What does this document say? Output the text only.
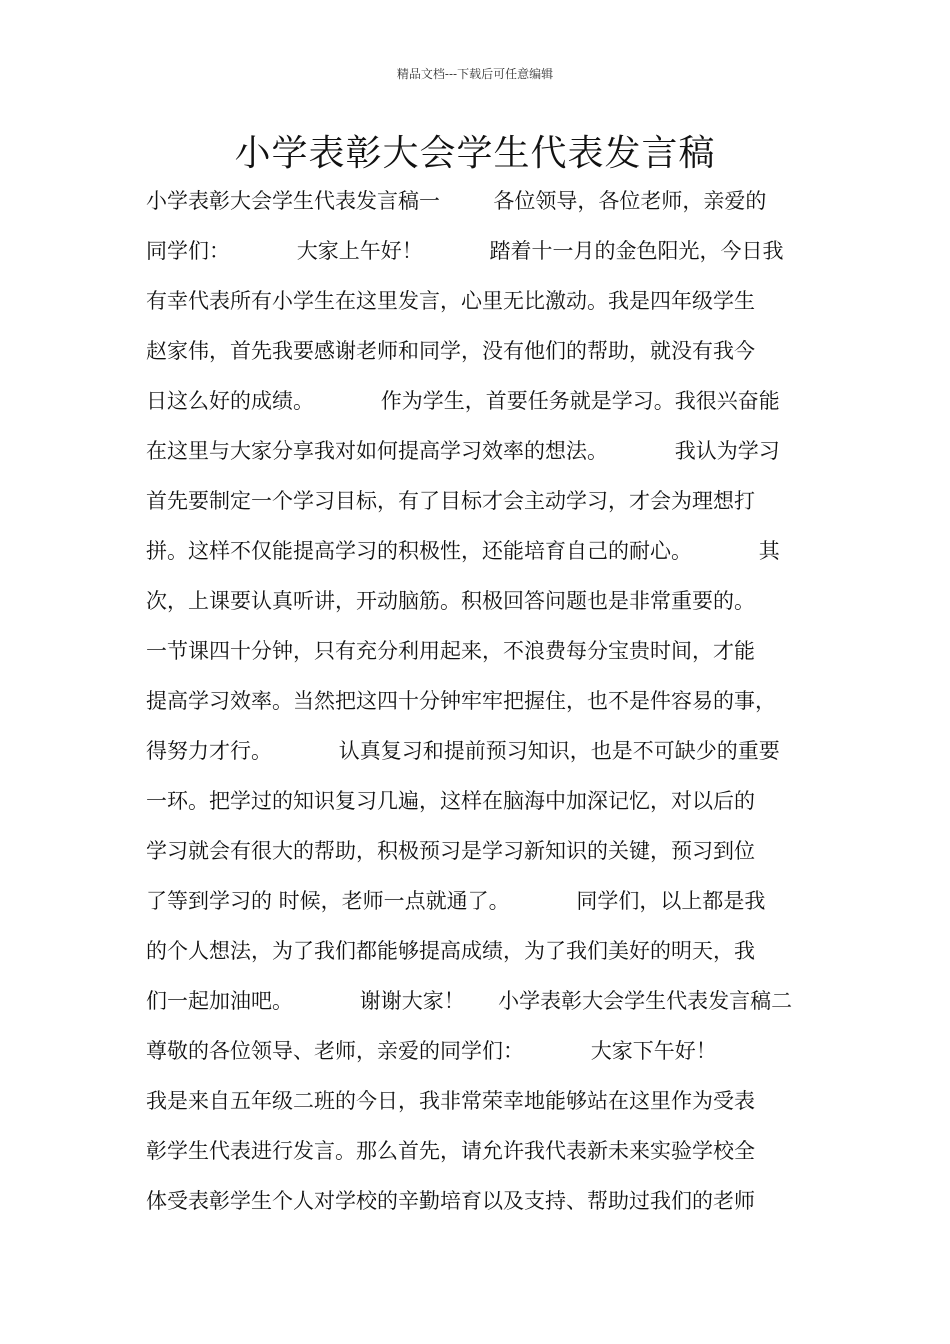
精品文档---下载后可任意编辑
小学表彰大会学生代表发言稿
小学表彰大会学生代表发言稿一        各位领导，各位老师，亲爱的
同学们：          大家上午好！          踏着十一月的金色阳光，今日我
有幸代表所有小学生在这里发言，心里无比激动。我是四年级学生
赵家伟，首先我要感谢老师和同学，没有他们的帮助，就没有我今
日这么好的成绩。          作为学生，首要任务就是学习。我很兴奋能
在这里与大家分享我对如何提高学习效率的想法。          我认为学习
首先要制定一个学习目标，有了目标才会主动学习，才会为理想打
拼。这样不仅能提高学习的积极性，还能培育自己的耐心。          其
次，上课要认真听讲，开动脑筋。积极回答问题也是非常重要的。
一节课四十分钟，只有充分利用起来，不浪费每分宝贵时间，才能
提高学习效率。当然把这四十分钟牢牢把握住，也不是件容易的事，
得努力才行。          认真复习和提前预习知识，也是不可缺少的重要
一环。把学过的知识复习几遍，这样在脑海中加深记忆，对以后的
学习就会有很大的帮助，积极预习是学习新知识的关键，预习到位
了等到学习的 时候，老师一点就通了。          同学们，以上都是我
的个人想法，为了我们都能够提高成绩，为了我们美好的明天，我
们一起加油吧。          谢谢大家！     小学表彰大会学生代表发言稿二
尊敬的各位领导、老师，亲爱的同学们：          大家下午好！
我是来自五年级二班的今日，我非常荣幸地能够站在这里作为受表
彰学生代表进行发言。那么首先，请允许我代表新未来实验学校全
体受表彰学生个人对学校的辛勤培育以及支持、帮助过我们的老师
